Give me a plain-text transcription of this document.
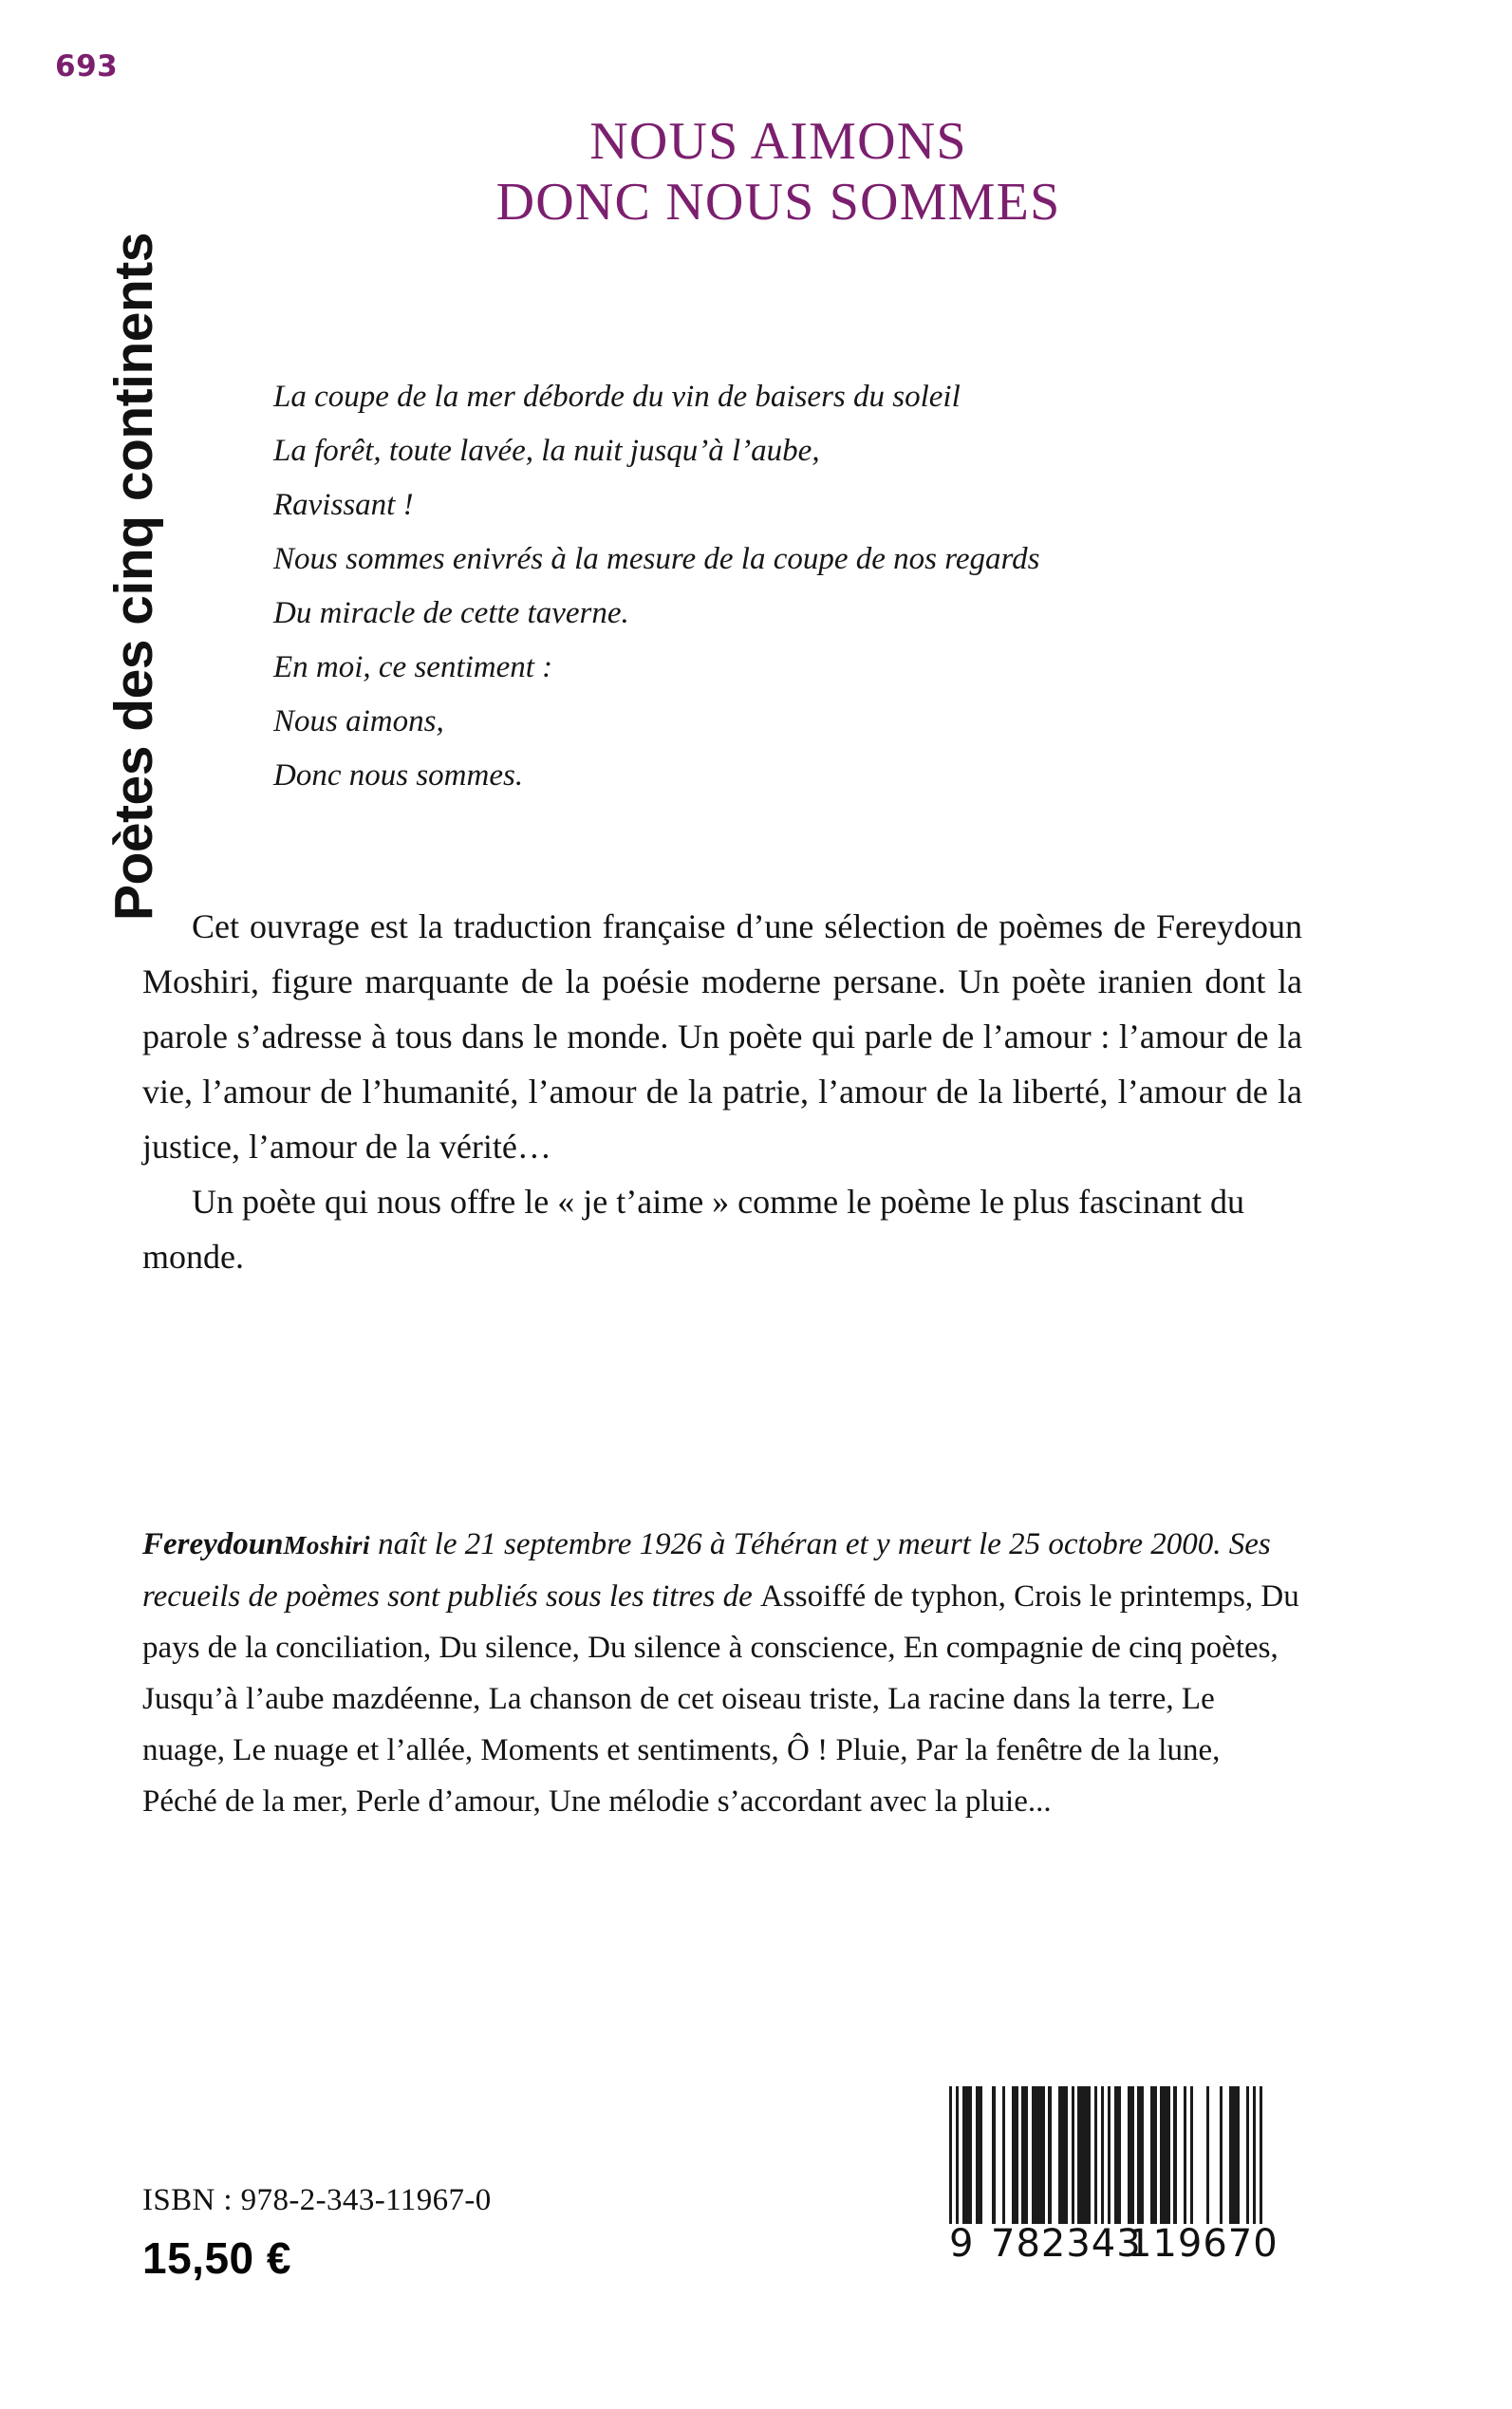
693
Poètes des cinq continents
NOUS AIMONS
DONC NOUS SOMMES
La coupe de la mer déborde du vin de baisers du soleil
La forêt, toute lavée, la nuit jusqu’à l’aube,
Ravissant !
Nous sommes enivrés à la mesure de la coupe de nos regards
Du miracle de cette taverne.
En moi, ce sentiment :
Nous aimons,
Donc nous sommes.

Cet ouvrage est la traduction française d’une sélection de poèmes de Fereydoun Moshiri, figure marquante de la poésie moderne persane. Un poète iranien dont la parole s’adresse à tous dans le monde. Un poète qui parle de l’amour : l’amour de la vie, l’amour de l’humanité, l’amour de la patrie, l’amour de la liberté, l’amour de la justice, l’amour de la vérité…

Un poète qui nous offre le « je t’aime » comme le poème le plus fascinant du monde.

FereydounMoshiri naît le 21 septembre 1926 à Téhéran et y meurt le 25 octobre 2000. Ses recueils de poèmes sont publiés sous les titres de Assoiffé de typhon, Crois le printemps, Du pays de la conciliation, Du silence, Du silence à conscience, En compagnie de cinq poètes, Jusqu’à l’aube mazdéenne, La chanson de cet oiseau triste, La racine dans la terre, Le nuage, Le nuage et l’allée, Moments et sentiments, Ô ! Pluie, Par la fenêtre de la lune, Péché de la mer, Perle d’amour, Une mélodie s’accordant avec la pluie...
ISBN : 978-2-343-11967-0
15,50 €	9 782343
119670
